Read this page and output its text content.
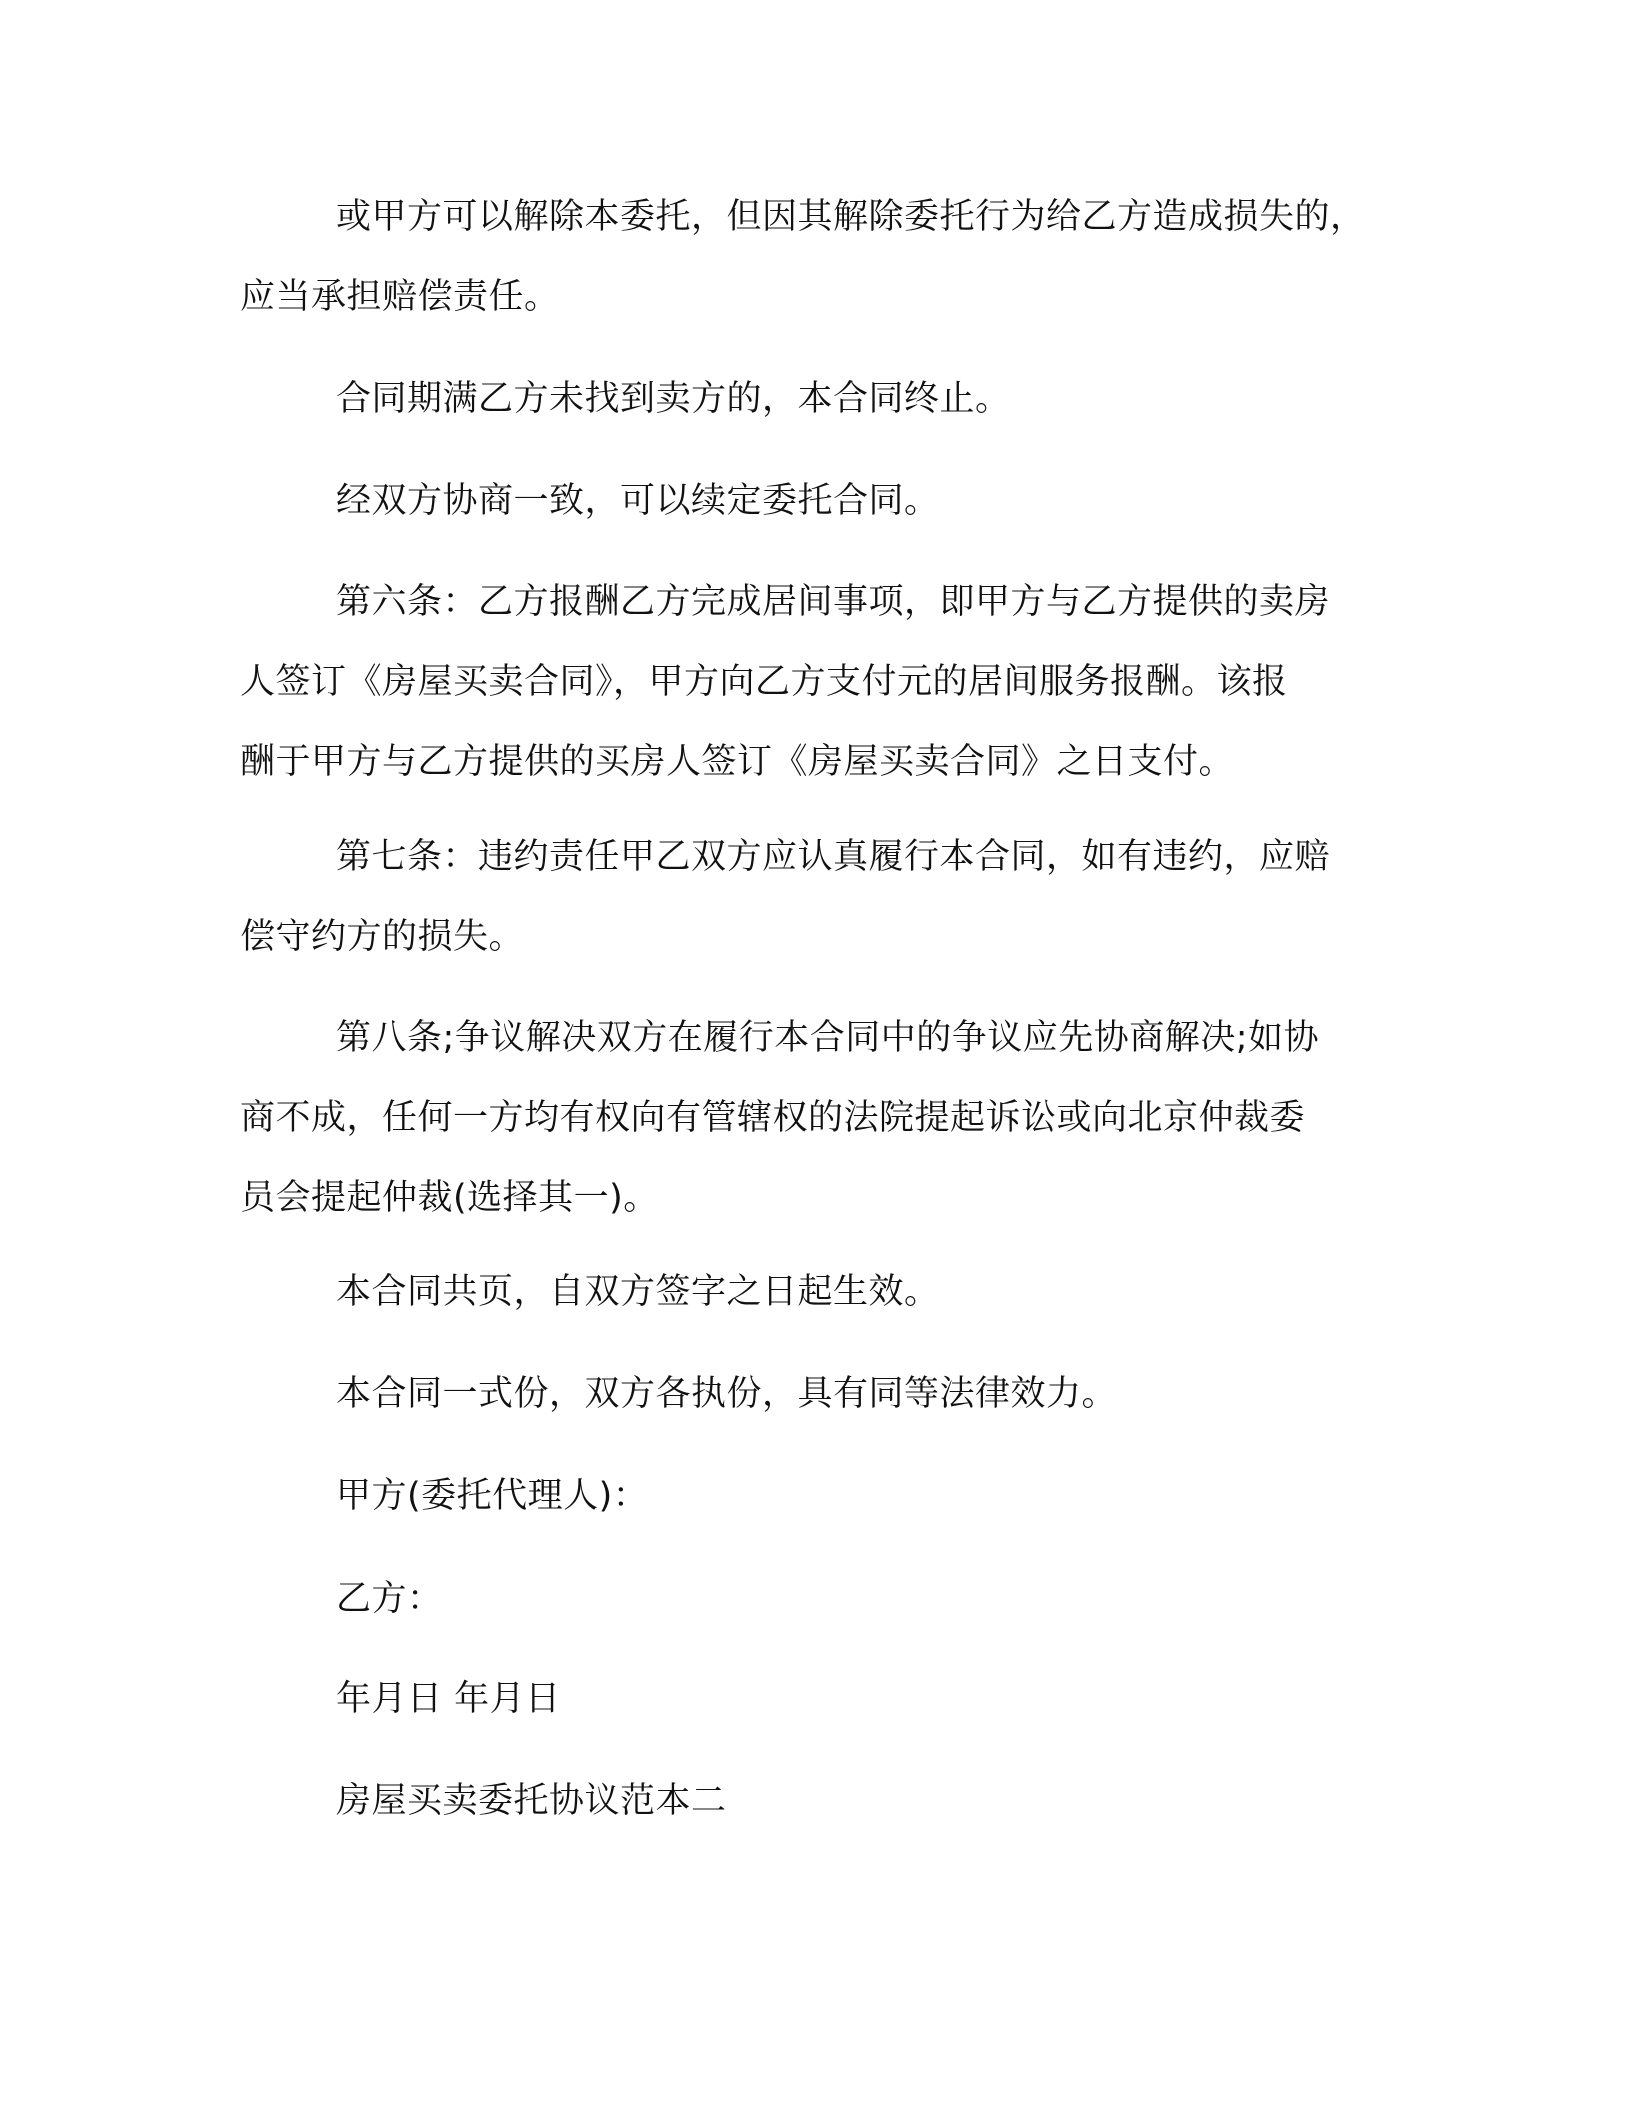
或甲方可以解除本委托，但因其解除委托行为给乙方造成损失的，
应当承担赔偿责任。
合同期满乙方未找到卖方的，本合同终止。
经双方协商一致，可以续定委托合同。
第六条：乙方报酬乙方完成居间事项，即甲方与乙方提供的卖房
人签订《房屋买卖合同》，甲方向乙方支付元的居间服务报酬。该报
酬于甲方与乙方提供的买房人签订《房屋买卖合同》之日支付。
第七条：违约责任甲乙双方应认真履行本合同，如有违约，应赔
偿守约方的损失。
第八条;争议解决双方在履行本合同中的争议应先协商解决;如协
商不成，任何一方均有权向有管辖权的法院提起诉讼或向北京仲裁委
员会提起仲裁(选择其一)。
本合同共页，自双方签字之日起生效。
本合同一式份，双方各执份，具有同等法律效力。
甲方(委托代理人)：
乙方：
年月日 年月日
房屋买卖委托协议范本二
